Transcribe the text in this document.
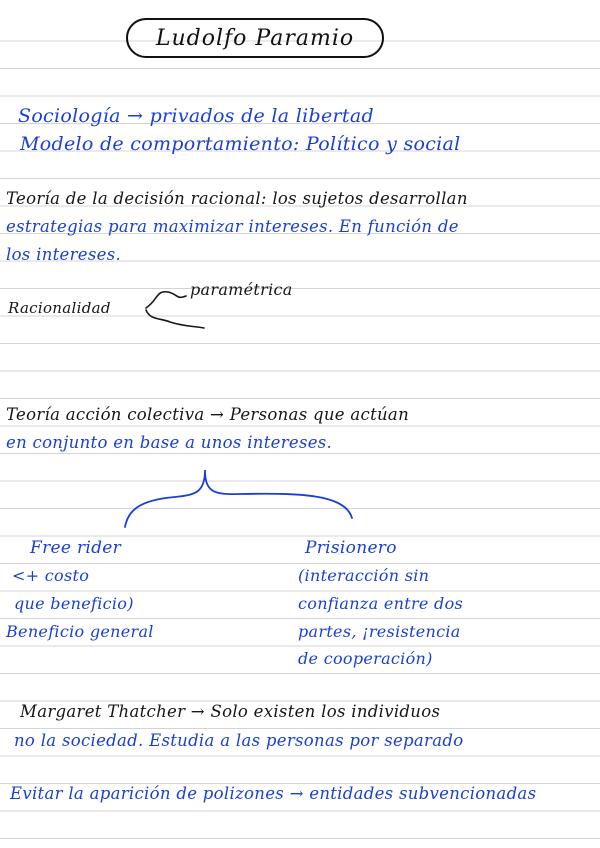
Ludolfo Paramio
Sociología → privados de la libertad
Modelo de comportamiento: Político y social
Teoría de la decisión racional: los sujetos desarrollan
estrategias para maximizar intereses. En función de
los intereses.
Racionalidad
paramétrica
Teoría acción colectiva → Personas que actúan
en conjunto en base a unos intereses.
Free rider
<+ costo
que beneficio)
Beneficio general
Prisionero
(interacción sin
confianza entre dos
partes, ¡resistencia
de cooperación)
Margaret Thatcher → Solo existen los individuos
no la sociedad. Estudia a las personas por separado
Evitar la aparición de polizones → entidades subvencionadas
